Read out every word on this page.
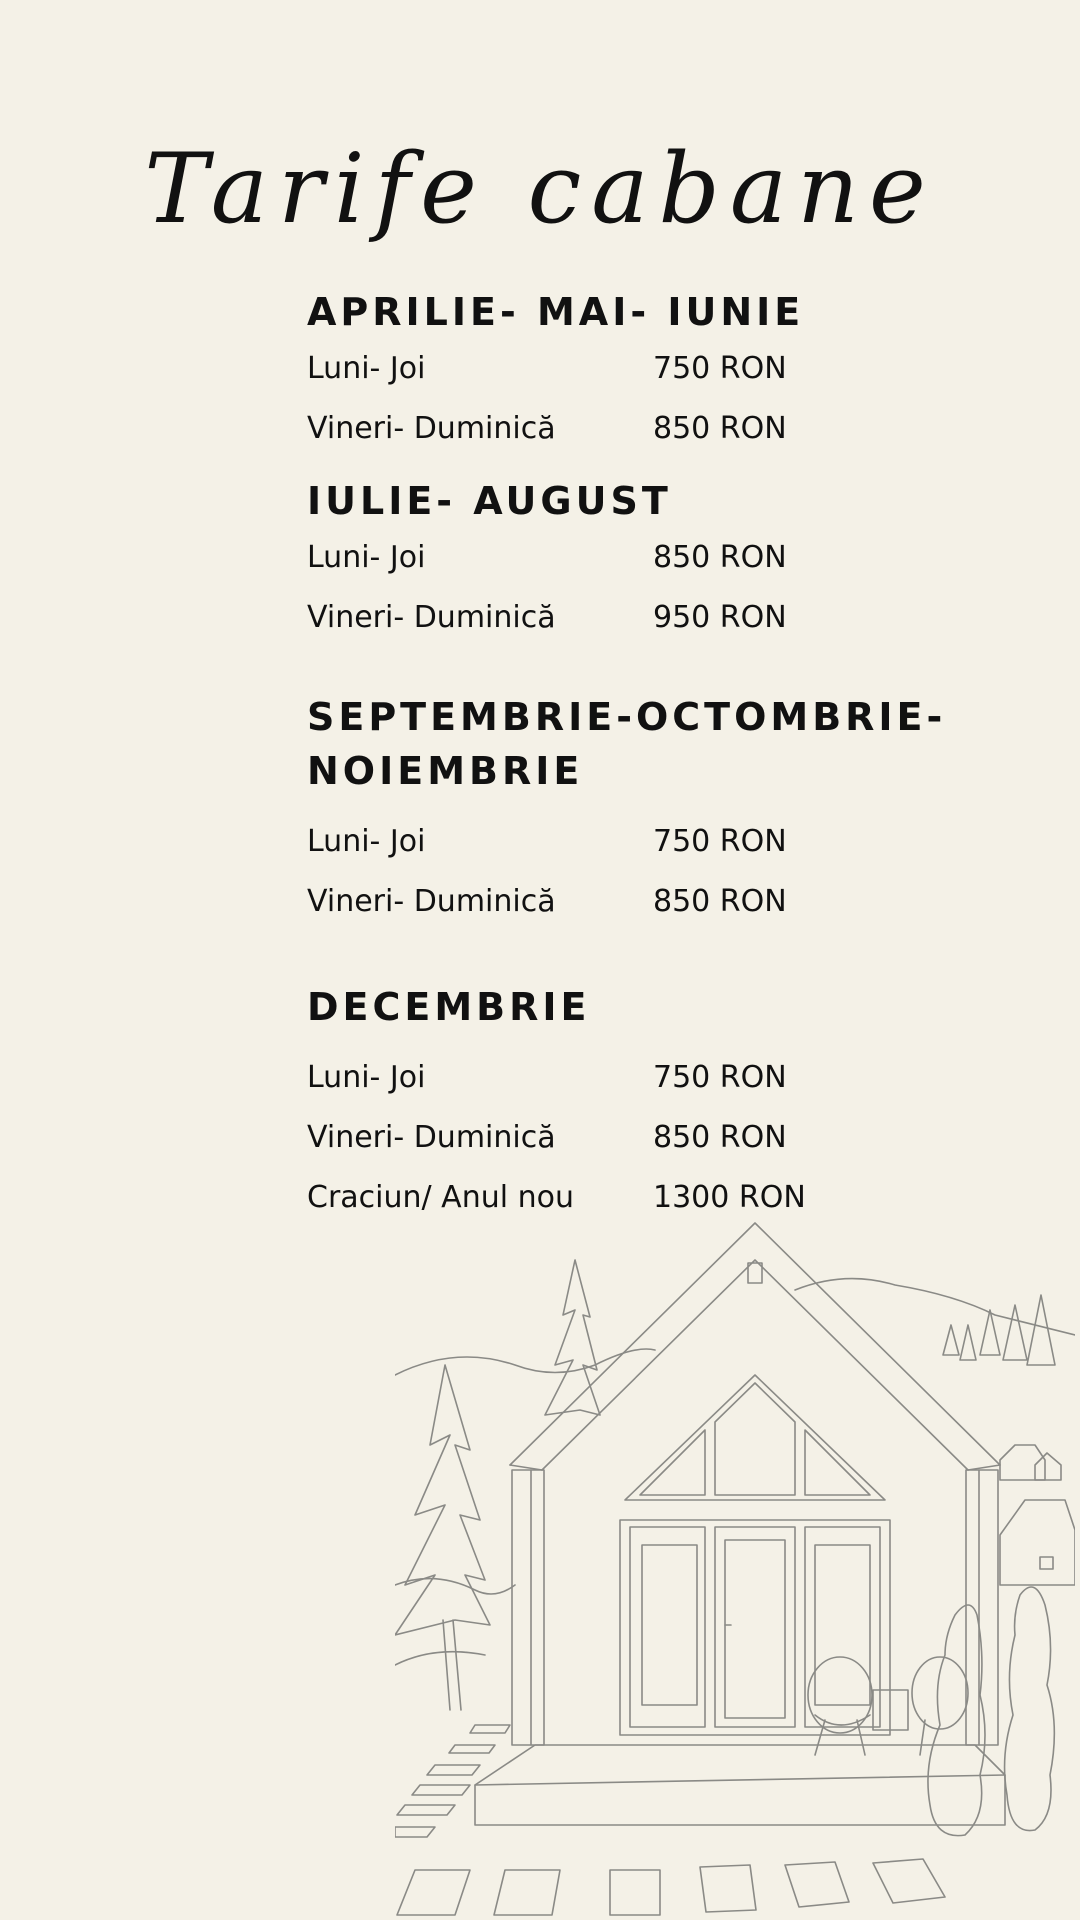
Tarife cabane
APRILIE- MAI- IUNIE
Luni- Joi	750 RON
Vineri- Duminică	850 RON
IULIE- AUGUST
Luni- Joi	850 RON
Vineri- Duminică	950 RON
SEPTEMBRIE-OCTOMBRIE- NOIEMBRIE
Luni- Joi	750 RON
Vineri- Duminică	850 RON
DECEMBRIE
Luni- Joi	750 RON
Vineri- Duminică	850 RON
Craciun/ Anul nou	1300 RON
